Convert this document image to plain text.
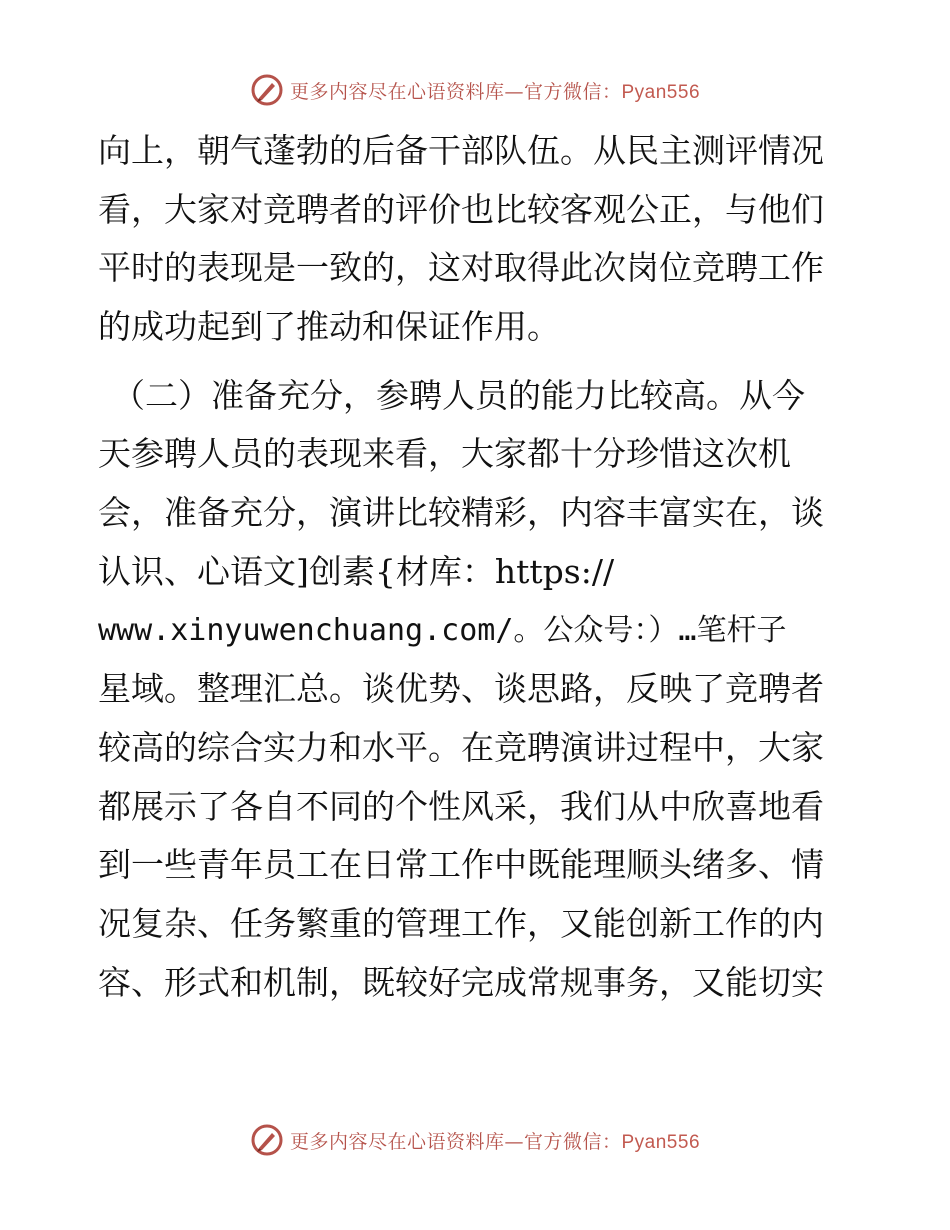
更多内容尽在心语资料库—官方微信：Pyan556
向上，朝气蓬勃的后备干部队伍。从民主测评情况
看，大家对竞聘者的评价也比较客观公正，与他们
平时的表现是一致的，这对取得此次岗位竞聘工作
的成功起到了推动和保证作用。
（二）准备充分，参聘人员的能力比较高。从今
天参聘人员的表现来看，大家都十分珍惜这次机
会，准备充分，演讲比较精彩，内容丰富实在，谈
认识、心语文]创素{材库：https://
www.xinyuwenchuang.com/。公众号：）…笔杆子
星域。整理汇总。谈优势、谈思路，反映了竞聘者
较高的综合实力和水平。在竞聘演讲过程中，大家
都展示了各自不同的个性风采，我们从中欣喜地看
到一些青年员工在日常工作中既能理顺头绪多、情
况复杂、任务繁重的管理工作，又能创新工作的内
容、形式和机制，既较好完成常规事务，又能切实
更多内容尽在心语资料库—官方微信：Pyan556
